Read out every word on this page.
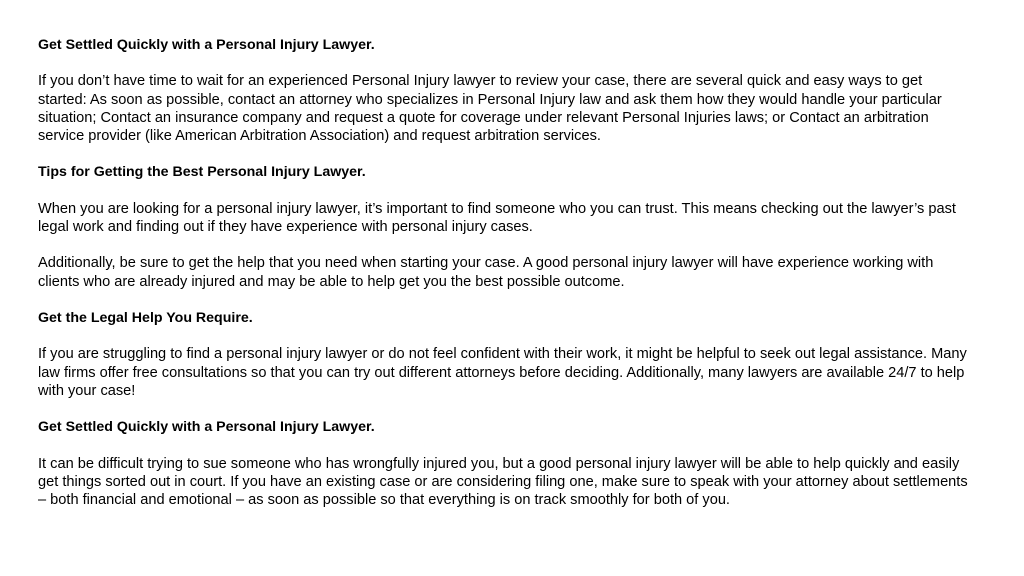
Get Settled Quickly with a Personal Injury Lawyer.
If you don’t have time to wait for an experienced Personal Injury lawyer to review your case, there are several quick and easy ways to get started: As soon as possible, contact an attorney who specializes in Personal Injury law and ask them how they would handle your particular situation; Contact an insurance company and request a quote for coverage under relevant Personal Injuries laws; or Contact an arbitration service provider (like American Arbitration Association) and request arbitration services.
Tips for Getting the Best Personal Injury Lawyer.
When you are looking for a personal injury lawyer, it’s important to find someone who you can trust. This means checking out the lawyer’s past legal work and finding out if they have experience with personal injury cases.
Additionally, be sure to get the help that you need when starting your case. A good personal injury lawyer will have experience working with clients who are already injured and may be able to help get you the best possible outcome.
Get the Legal Help You Require.
If you are struggling to find a personal injury lawyer or do not feel confident with their work, it might be helpful to seek out legal assistance. Many law firms offer free consultations so that you can try out different attorneys before deciding. Additionally, many lawyers are available 24/7 to help with your case!
Get Settled Quickly with a Personal Injury Lawyer.
It can be difficult trying to sue someone who has wrongfully injured you, but a good personal injury lawyer will be able to help quickly and easily get things sorted out in court. If you have an existing case or are considering filing one, make sure to speak with your attorney about settlements – both financial and emotional – as soon as possible so that everything is on track smoothly for both of you.
